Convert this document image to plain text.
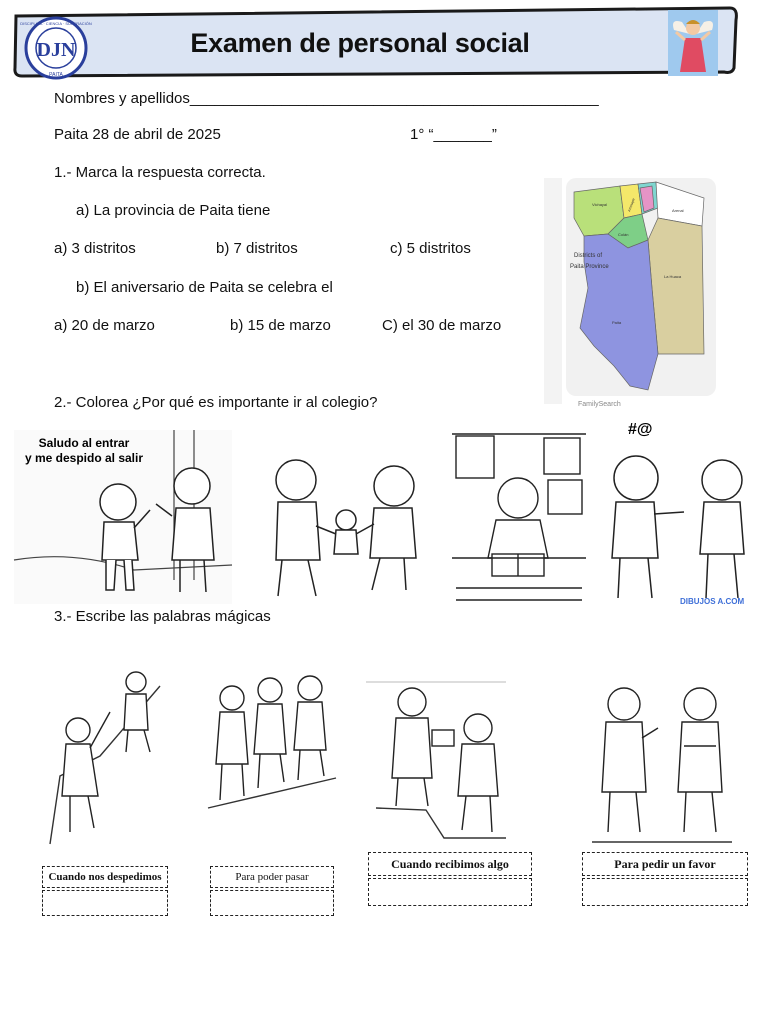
DJN
DISCIPLINA · CIENCIA · SUPERACIÓN
PAITA
Examen de personal social
Nombres y apellidos_________________________________________________
Paita 28 de abril de 2025	1° “_______”
1.- Marca la respuesta correcta.
a) La provincia de Paita tiene
a) 3 distritos	b) 7 distritos	c) 5 distritos
b) El aniversario de Paita se celebra el
a) 20 de marzo	b) 15 de marzo	C) el 30 de marzo
Districts of
Paita Province
Vichayal	Amotape	Arenal
Colán
La Huaca
Paita
FamilySearch
2.- Colorea ¿Por qué es importante ir al colegio?
Saludo al entrar
y me despido al salir
#@
DIBUJOS A.COM
3.- Escribe las palabras mágicas
Cuando nos despedimos	Para poder pasar
Cuando recibimos algo	Para pedir un favor
